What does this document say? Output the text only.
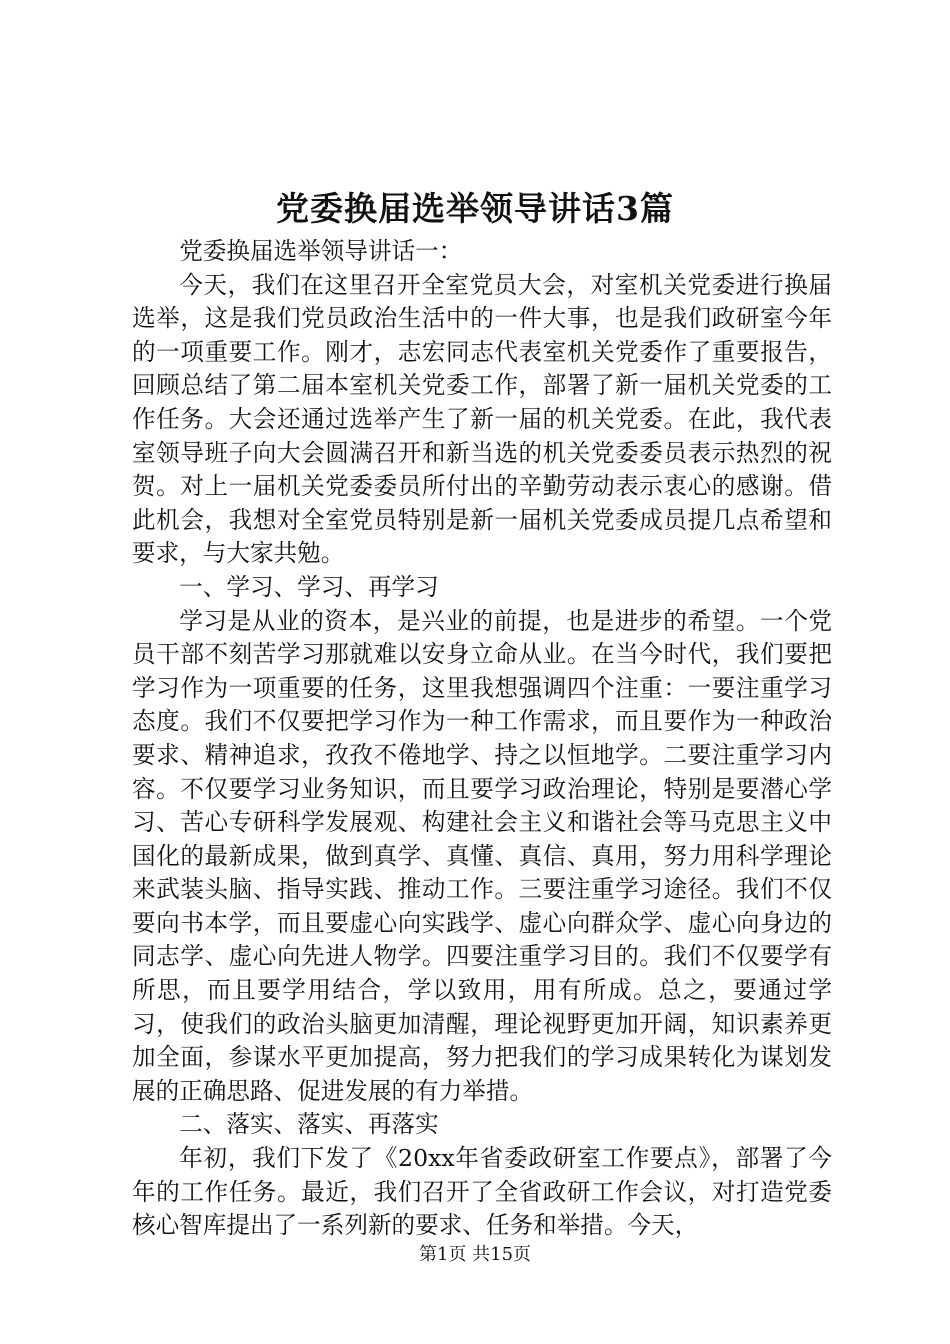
党委换届选举领导讲话3篇

党委换届选举领导讲话一：

今天，我们在这里召开全室党员大会，对室机关党委进行换届选举，这是我们党员政治生活中的一件大事，也是我们政研室今年的一项重要工作。刚才，志宏同志代表室机关党委作了重要报告，回顾总结了第二届本室机关党委工作，部署了新一届机关党委的工作任务。大会还通过选举产生了新一届的机关党委。在此，我代表室领导班子向大会圆满召开和新当选的机关党委委员表示热烈的祝贺。对上一届机关党委委员所付出的辛勤劳动表示衷心的感谢。借此机会，我想对全室党员特别是新一届机关党委成员提几点希望和要求，与大家共勉。

一、学习、学习、再学习

学习是从业的资本，是兴业的前提，也是进步的希望。一个党员干部不刻苦学习那就难以安身立命从业。在当今时代，我们要把学习作为一项重要的任务，这里我想强调四个注重：一要注重学习态度。我们不仅要把学习作为一种工作需求，而且要作为一种政治要求、精神追求，孜孜不倦地学、持之以恒地学。二要注重学习内容。不仅要学习业务知识，而且要学习政治理论，特别是要潜心学习、苦心专研科学发展观、构建社会主义和谐社会等马克思主义中国化的最新成果，做到真学、真懂、真信、真用，努力用科学理论来武装头脑、指导实践、推动工作。三要注重学习途径。我们不仅要向书本学，而且要虚心向实践学、虚心向群众学、虚心向身边的同志学、虚心向先进人物学。四要注重学习目的。我们不仅要学有所思，而且要学用结合，学以致用，用有所成。总之，要通过学习，使我们的政治头脑更加清醒，理论视野更加开阔，知识素养更加全面，参谋水平更加提高，努力把我们的学习成果转化为谋划发展的正确思路、促进发展的有力举措。

二、落实、落实、再落实

年初，我们下发了《20xx年省委政研室工作要点》，部署了今年的工作任务。最近，我们召开了全省政研工作会议，对打造党委核心智库提出了一系列新的要求、任务和举措。今天，

第1页 共15页
